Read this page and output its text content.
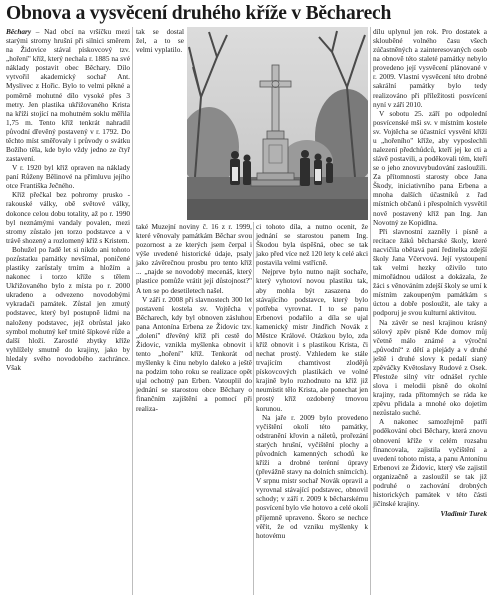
Obnova a vysvěcení druhého kříže v Běcharech

Běchary – Nad obcí na vršíčku mezi starými stromy hrušní při silnici směrem na Židovice stával pískovcový tzv. „hoření" kříž, který nechala r. 1885 na své náklady postavit obec Běchary. Dílo vytvořil akademický sochař Ant. Myslivec z Hořic. Bylo to velmi pěkné a poměrně mohutné dílo vysoké přes 3 metry. Jen plastika ukřižovaného Krista na kříži stojící na mohutném soklu měřila 1,75 m. Tento kříž tenkrát nahradil původní dřevěný postavený v r. 1792. Do těchto míst směřovaly i průvody o svátku Božího těla, kde bylo vždy jedno ze čtyř zastavení.

V r. 1920 byl kříž opraven na náklady paní Růženy Bělinové na přímluvu jejího otce Františka Ječného.

Kříž přečkal bez pohromy prusko - rakouské války, obě světové války, dokonce celou dobu totality, až po r. 1990 byl neznámými vandaly povalen, mezi stromy zůstalo jen torzo podstavce a v trávě shozený a rozlomený kříž s Kristem.

Bohužel po řadě let si nikdo ani tohoto pozůstatku památky nevšímal, poničené plastiky zarůstaly trním a hložím a nakonec i torzo kříže s tělem Ukřižovaného bylo z místa po r. 2000 ukradeno a odvezeno novodobými vykradači památek. Zůstal jen zmutý podstavec, který byl postupně lidmi na naloženy podstavec, jejž obrůstal jako symbol mohutný keř trnité šípkové růže a další hloží. Zarostlé zbytky kříže vyhlížely smutně do krajiny, jako by hledaly svého novodobého zachránce. Však

tak se dostal žel, a to se velmi vyplatilo.

také Muzejní noviny č. 16 z r. 1999, které věnovaly památkám Běchar svou pozornost a ze kterých jsem čerpal i výše uvedené historické údaje, psaly jako závěrečnou prosbu pro tento kříž ... „najde se novodobý mecenáš, který plastice pomůže vrátit její důstojnost?" A ten se po desetiletech našel.

V září r. 2008 při slavnostech 300 let postavení kostela sv. Vojtěcha v Běcharech, kdy byl obnoven zásluhou pana Antonína Erbena ze Židovic tzv. „dolení" dřevěný kříž při cestě do Židovic, vznikla myšlenka obnovit i tento „hoření" kříž. Tenkorát od myšlenky k činu nebylo daleko a ještě na podzim toho roku se realizace opět ujal ochotný pan Erben. Vatouplil do jednání se starostou obce Běchary o finančním zajištění a pomocí při realiza-

ci tohoto díla, a nutno ocenit, že jednání se starostou panem Ing. Škodou byla úspěšná, obec se tak jako před více než 120 lety k celé akci postavila velmi vstřícně.

Nejprve bylo nutno najít sochaře, který vyhotoví novou plastiku tak, aby mohla být zasazena do stávajícího podstavce, který bylo potřeba vyrovnat. I to se panu Erbenovi podařilo a díla se ujal kamenický mistr Jindřich Novák z Městce Králové. Otázkou bylo, zda kříž obnovit i s plastikou Krista, či nechat prostý. Vzhledem ke stále trvajícím chamtivost zlodějů pískovcových plastikách ve volné krajině bylo rozhodnuto na kříž již neumístit tělo Krista, ale ponechat jen prostý kříž ozdobený trnovou korunou.

Na jaře r. 2009 bylo provedeno vyčištění okolí této památky, odstranění křovin a náletů, prořezání starých hrušní, vyčištění plochy a původních kamenných schodů ke kříži a drobné terénní úpravy (převážně stavy na dolních snímcích). V srpnu mistr sochař Novák opravil a vyrovnal stávající podstavec, obnovil schody; v září r. 2009 k běcharskému posvícení bylo vše hotovo a celé okolí příjemně upraveno. Škoro se nechce věřit, že od vzniku myšlenky k hotovému

dílu uplynul jen rok. Pro dostatek a sklouběné volného času všech zúčastněných a zainteresovaných osob na obnově této staleté památky nebylo provedeno její vysvěcení plánované v r. 2009. Vlastní vysvěcení této drobné sakrální památky bylo tedy realizováno při příležitosti posvícení nyní v září 2010.

V sobotu 25. září po odpolední posvícenské mši sv. v místním kostele sv. Vojtěcha se účastnící vysvění kříží u „hořeního" kříže, aby vyposlechli nalezení předchůdců, kteří jej ke cti a slávě postavili, a poděkovali tém, kteří se o jeho znovuvybudování zasloužili. Za přítomnosti starosty obce Jana Škody, iniciativního pana Erbena a mnoha dalších účastníků z řad místních občanů i přespolních vysvětil nově postavený kříž pan Ing. Jan Novotný ze Kopidlna.

Při slavnostní zazněly i písně a recitace žáků běcharské školy, které nacvičila obětavá paní ředitelka zdejší školy Jana Včervová. Její vystoupení tak velmi hezky oživilo tuto mimořádnou událost a dokázala, že žáci s věnováním zdejší školy se umí k místním zakoupeným památkám s úctou a dobře posloužit, ale taky a podporuj je svou kulturní aktivitou.

Na závěr se nesl krajinou krásný sólový zpěv písně Kde domov můj včetně málo známé a výroční „původní“ z dětí a plejády a v druhé ještě i druhé slovy k pedalí sianý zpěváčky Květoslavy Rudové z Osek. Přestože silný vítr odnášel rychle slova i melodii písně do okolní krajiny, rada přítomných se ráda ke zpěvu přidala a mnohé oko dojetím nezůstalo suché.

A nakonec samozřejmě patří poděkování obci Běchary, která znovu obnovení kříže v celém rozsahu financovala, zajistila vyčištění a uvedení tohoto místa, a panu Antonínu Erbenovi ze Židovic, který vše zajistil organizačně a zasloužil se tak již podruhé o zachování drobných historických památek v této části jičínské krajiny.

Vladimír Turek
